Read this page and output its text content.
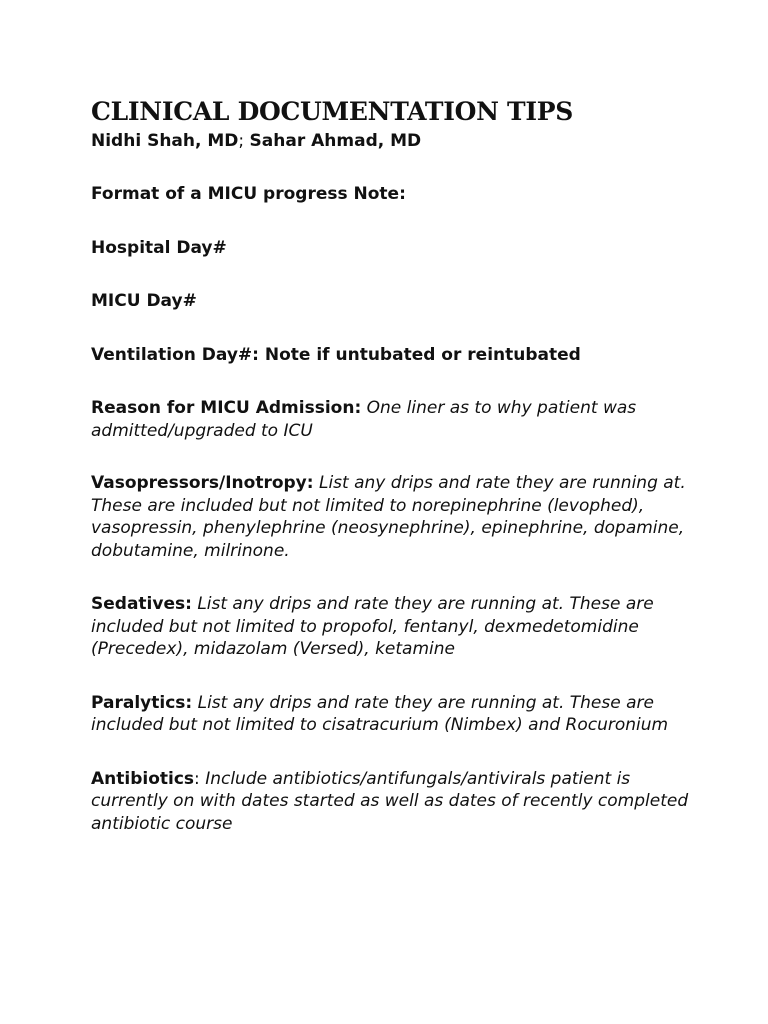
CLINICAL DOCUMENTATION TIPS

Nidhi Shah, MD; Sahar Ahmad, MD

Format of a MICU progress Note:

Hospital Day#

MICU Day#

Ventilation Day#: Note if untubated or reintubated

Reason for MICU Admission: One liner as to why patient was admitted/upgraded to ICU

Vasopressors/Inotropy: List any drips and rate they are running at. These are included but not limited to norepinephrine (levophed), vasopressin, phenylephrine (neosynephrine), epinephrine, dopamine, dobutamine, milrinone.

Sedatives: List any drips and rate they are running at. These are included but not limited to propofol, fentanyl, dexmedetomidine (Precedex), midazolam (Versed), ketamine

Paralytics: List any drips and rate they are running at. These are included but not limited to cisatracurium (Nimbex) and Rocuronium

Antibiotics: Include antibiotics/antifungals/antivirals patient is currently on with dates started as well as dates of recently completed antibiotic course
